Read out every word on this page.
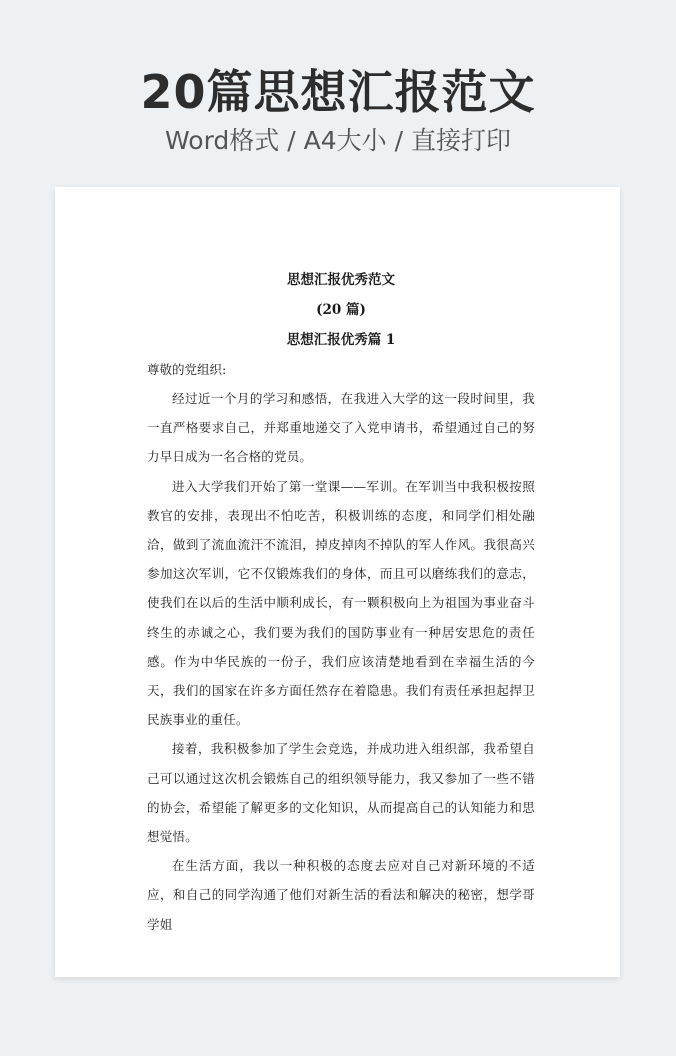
20篇思想汇报范文
Word格式 / A4大小 / 直接打印
思想汇报优秀范文
(20 篇)
思想汇报优秀篇 1
尊敬的党组织:

经过近一个月的学习和感悟，在我进入大学的这一段时间里，我一直严格要求自己，并郑重地递交了入党申请书，希望通过自己的努力早日成为一名合格的党员。

进入大学我们开始了第一堂课——军训。在军训当中我积极按照教官的安排，表现出不怕吃苦，积极训练的态度，和同学们相处融洽，做到了流血流汗不流泪，掉皮掉肉不掉队的军人作风。我很高兴参加这次军训，它不仅锻炼我们的身体，而且可以磨练我们的意志，使我们在以后的生活中顺利成长，有一颗积极向上为祖国为事业奋斗终生的赤诚之心，我们要为我们的国防事业有一种居安思危的责任感。作为中华民族的一份子，我们应该清楚地看到在幸福生活的今天，我们的国家在许多方面任然存在着隐患。我们有责任承担起捍卫民族事业的重任。

接着，我积极参加了学生会竞选，并成功进入组织部，我希望自己可以通过这次机会锻炼自己的组织领导能力，我又参加了一些不错的协会，希望能了解更多的文化知识，从而提高自己的认知能力和思想觉悟。

在生活方面，我以一种积极的态度去应对自己对新环境的不适应，和自己的同学沟通了他们对新生活的看法和解决的秘密，想学哥学姐
